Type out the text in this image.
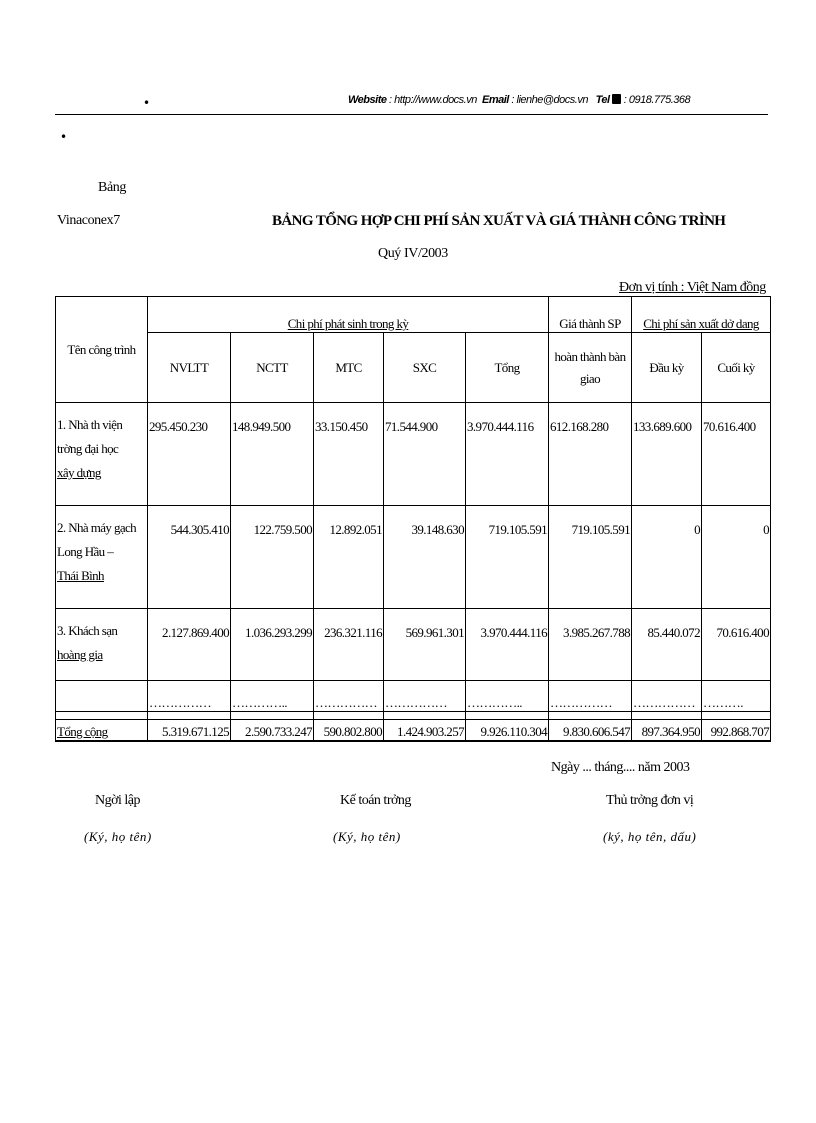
•	Website : http://www.docs.vn Email : lienhe@docs.vn Tel  : 0918.775.368
•
Bảng
Vinaconex7	BẢNG TỔNG HỢP CHI PHÍ SẢN XUẤT VÀ GIÁ THÀNH CÔNG TRÌNH
Quý IV/2003
Đơn vị tính : Việt Nam đồng
Tên công trình	Chi phí phát sinh trong kỳ					Giá thành SP	Chi phí sản xuất dở dang	
	NVLTT	NCTT	MTC	SXC	Tổng	hoàn thành bàn giao	Đầu kỳ	Cuối kỳ

1. Nhà th viện
trờng đại học
xây dựng	295.450.230	148.949.500	33.150.450	71.544.900	3.970.444.116	612.168.280	133.689.600	70.616.400

2. Nhà máy gạch
Long Hầu –
Thái Bình	544.305.410	122.759.500	12.892.051	39.148.630	719.105.591	719.105.591	0	0

3. Khách sạn
hoàng gia	2.127.869.400	1.036.293.299	236.321.116	569.961.301	3.970.444.116	3.985.267.788	85.440.072	70.616.400
	……………	…………..	……………	……………	…………..	……………	……………	……….

Tổng cộng	5.319.671.125	2.590.733.247	590.802.800	1.424.903.257	9.926.110.304	9.830.606.547	897.364.950	992.868.707
Ngày ... tháng.... năm 2003
Ngời lập
(Ký, họ tên)
Kế toán trởng
(Ký, họ tên)
Thủ trởng đơn vị
(ký, họ tên, dấu)
